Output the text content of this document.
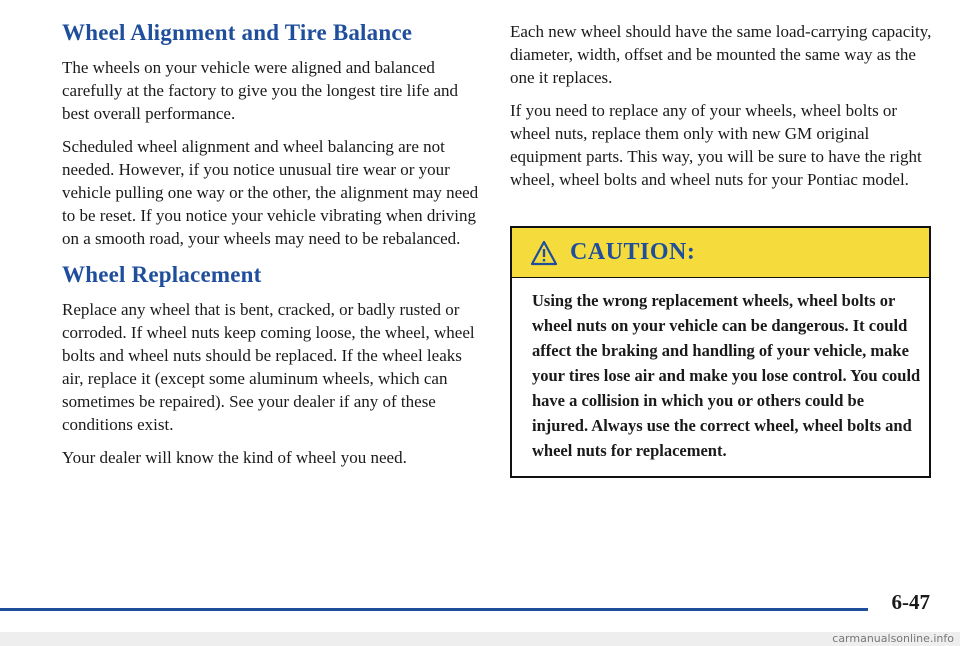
Wheel Alignment and Tire Balance

The wheels on your vehicle were aligned and balanced carefully at the factory to give you the longest tire life and best overall performance.

Scheduled wheel alignment and wheel balancing are not needed. However, if you notice unusual tire wear or your vehicle pulling one way or the other, the alignment may need to be reset. If you notice your vehicle vibrating when driving on a smooth road, your wheels may need to be rebalanced.

Wheel Replacement

Replace any wheel that is bent, cracked, or badly rusted or corroded. If wheel nuts keep coming loose, the wheel, wheel bolts and wheel nuts should be replaced. If the wheel leaks air, replace it (except some aluminum wheels, which can sometimes be repaired). See your dealer if any of these conditions exist.

Your dealer will know the kind of wheel you need.

Each new wheel should have the same load-carrying capacity, diameter, width, offset and be mounted the same way as the one it replaces.

If you need to replace any of your wheels, wheel bolts or wheel nuts, replace them only with new GM original equipment parts. This way, you will be sure to have the right wheel, wheel bolts and wheel nuts for your Pontiac model.

CAUTION:
Using the wrong replacement wheels, wheel bolts or wheel nuts on your vehicle can be dangerous. It could affect the braking and handling of your vehicle, make your tires lose air and make you lose control. You could have a collision in which you or others could be injured. Always use the correct wheel, wheel bolts and wheel nuts for replacement.
6-47
carmanualsonline.info
